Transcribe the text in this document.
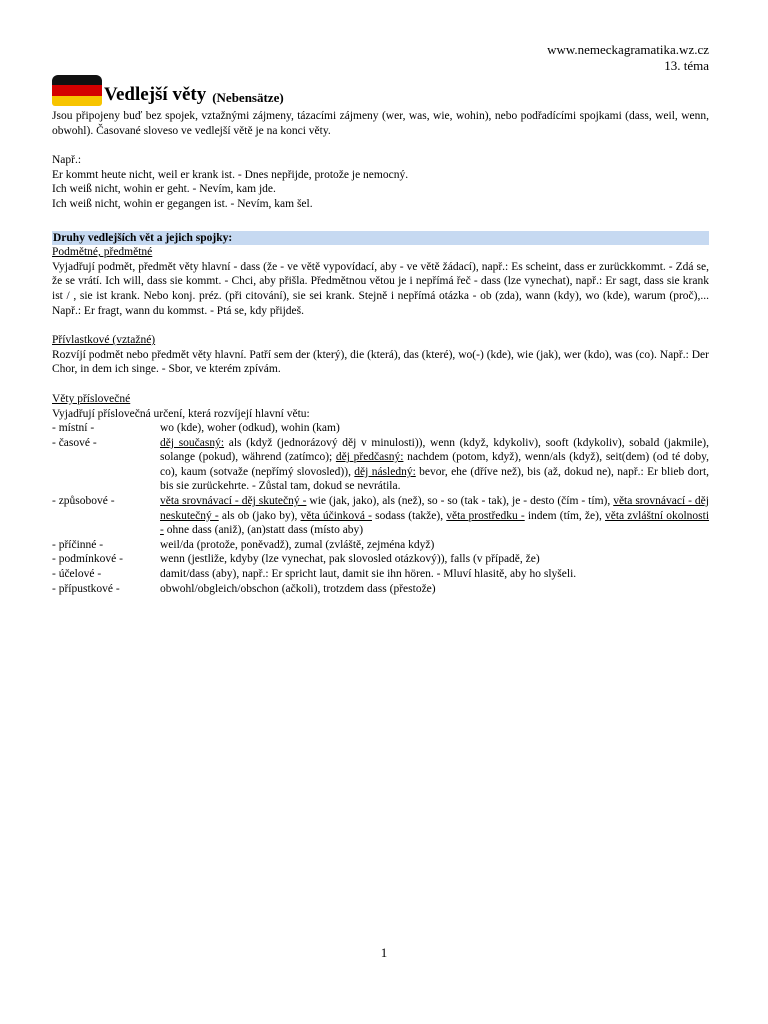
www.nemeckagramatika.wz.cz
13. téma
Vedlejší věty (Nebensätze)

Jsou připojeny buď bez spojek, vztažnými zájmeny, tázacími zájmeny (wer, was, wie, wohin), nebo podřadícími spojkami (dass, weil, wenn, obwohl). Časované sloveso ve vedlejší větě je na konci věty.

Např.:

Er kommt heute nicht, weil er krank ist. - Dnes nepřijde, protože je nemocný.

Ich weiß nicht, wohin er geht. - Nevím, kam jde.

Ich weiß nicht, wohin er gegangen ist. - Nevím, kam šel.

Druhy vedlejších vět a jejich spojky:

Podmětné, předmětné

Vyjadřují podmět, předmět věty hlavní - dass (že - ve větě vypovídací, aby - ve větě žádací), např.: Es scheint, dass er zurückkommt. - Zdá se, že se vrátí. Ich will, dass sie kommt. - Chci, aby přišla. Předmětnou větou je i nepřímá řeč - dass (lze vynechat), např.: Er sagt, dass sie krank ist / , sie ist krank. Nebo konj. préz. (při citování), sie sei krank. Stejně i nepřímá otázka - ob (zda), wann (kdy), wo (kde), warum (proč),... Např.: Er fragt, wann du kommst. - Ptá se, kdy přijdeš.

Přívlastkové (vztažné)

Rozvíjí podmět nebo předmět věty hlavní. Patří sem der (který), die (která), das (které), wo(-) (kde), wie (jak), wer (kdo), was (co). Např.: Der Chor, in dem ich singe. - Sbor, ve kterém zpívám.

Věty příslovečné

Vyjadřují příslovečná určení, která rozvíjejí hlavní větu:

- místní -	wo (kde), woher (odkud), wohin (kam)
- časové -	děj současný: als (když (jednorázový děj v minulosti)), wenn (když, kdykoliv), sooft (kdykoliv), sobald (jakmile), solange (pokud), während (zatímco); děj předčasný: nachdem (potom, když), wenn/als (když), seit(dem) (od té doby, co), kaum (sotvaže (nepřímý slovosled)), děj následný: bevor, ehe (dříve než), bis (až, dokud ne), např.: Er blieb dort, bis sie zurückehrte. - Zůstal tam, dokud se nevrátila.
- způsobové -	věta srovnávací - děj skutečný - wie (jak, jako), als (než), so - so (tak - tak), je - desto (čím - tím), věta srovnávací - děj neskutečný - als ob (jako by), věta účinková - sodass (takže), věta prostředku - indem (tím, že), věta zvláštní okolnosti - ohne dass (aniž), (an)statt dass (místo aby)
- příčinné -	weil/da (protože, poněvadž), zumal (zvláště, zejména když)
- podmínkové -	wenn (jestliže, kdyby (lze vynechat, pak slovosled otázkový)), falls (v případě, že)
- účelové -	damit/dass (aby), např.: Er spricht laut, damit sie ihn hören. - Mluví hlasitě, aby ho slyšeli.
- přípustkové -	obwohl/obgleich/obschon (ačkoli), trotzdem dass (přestože)
1
